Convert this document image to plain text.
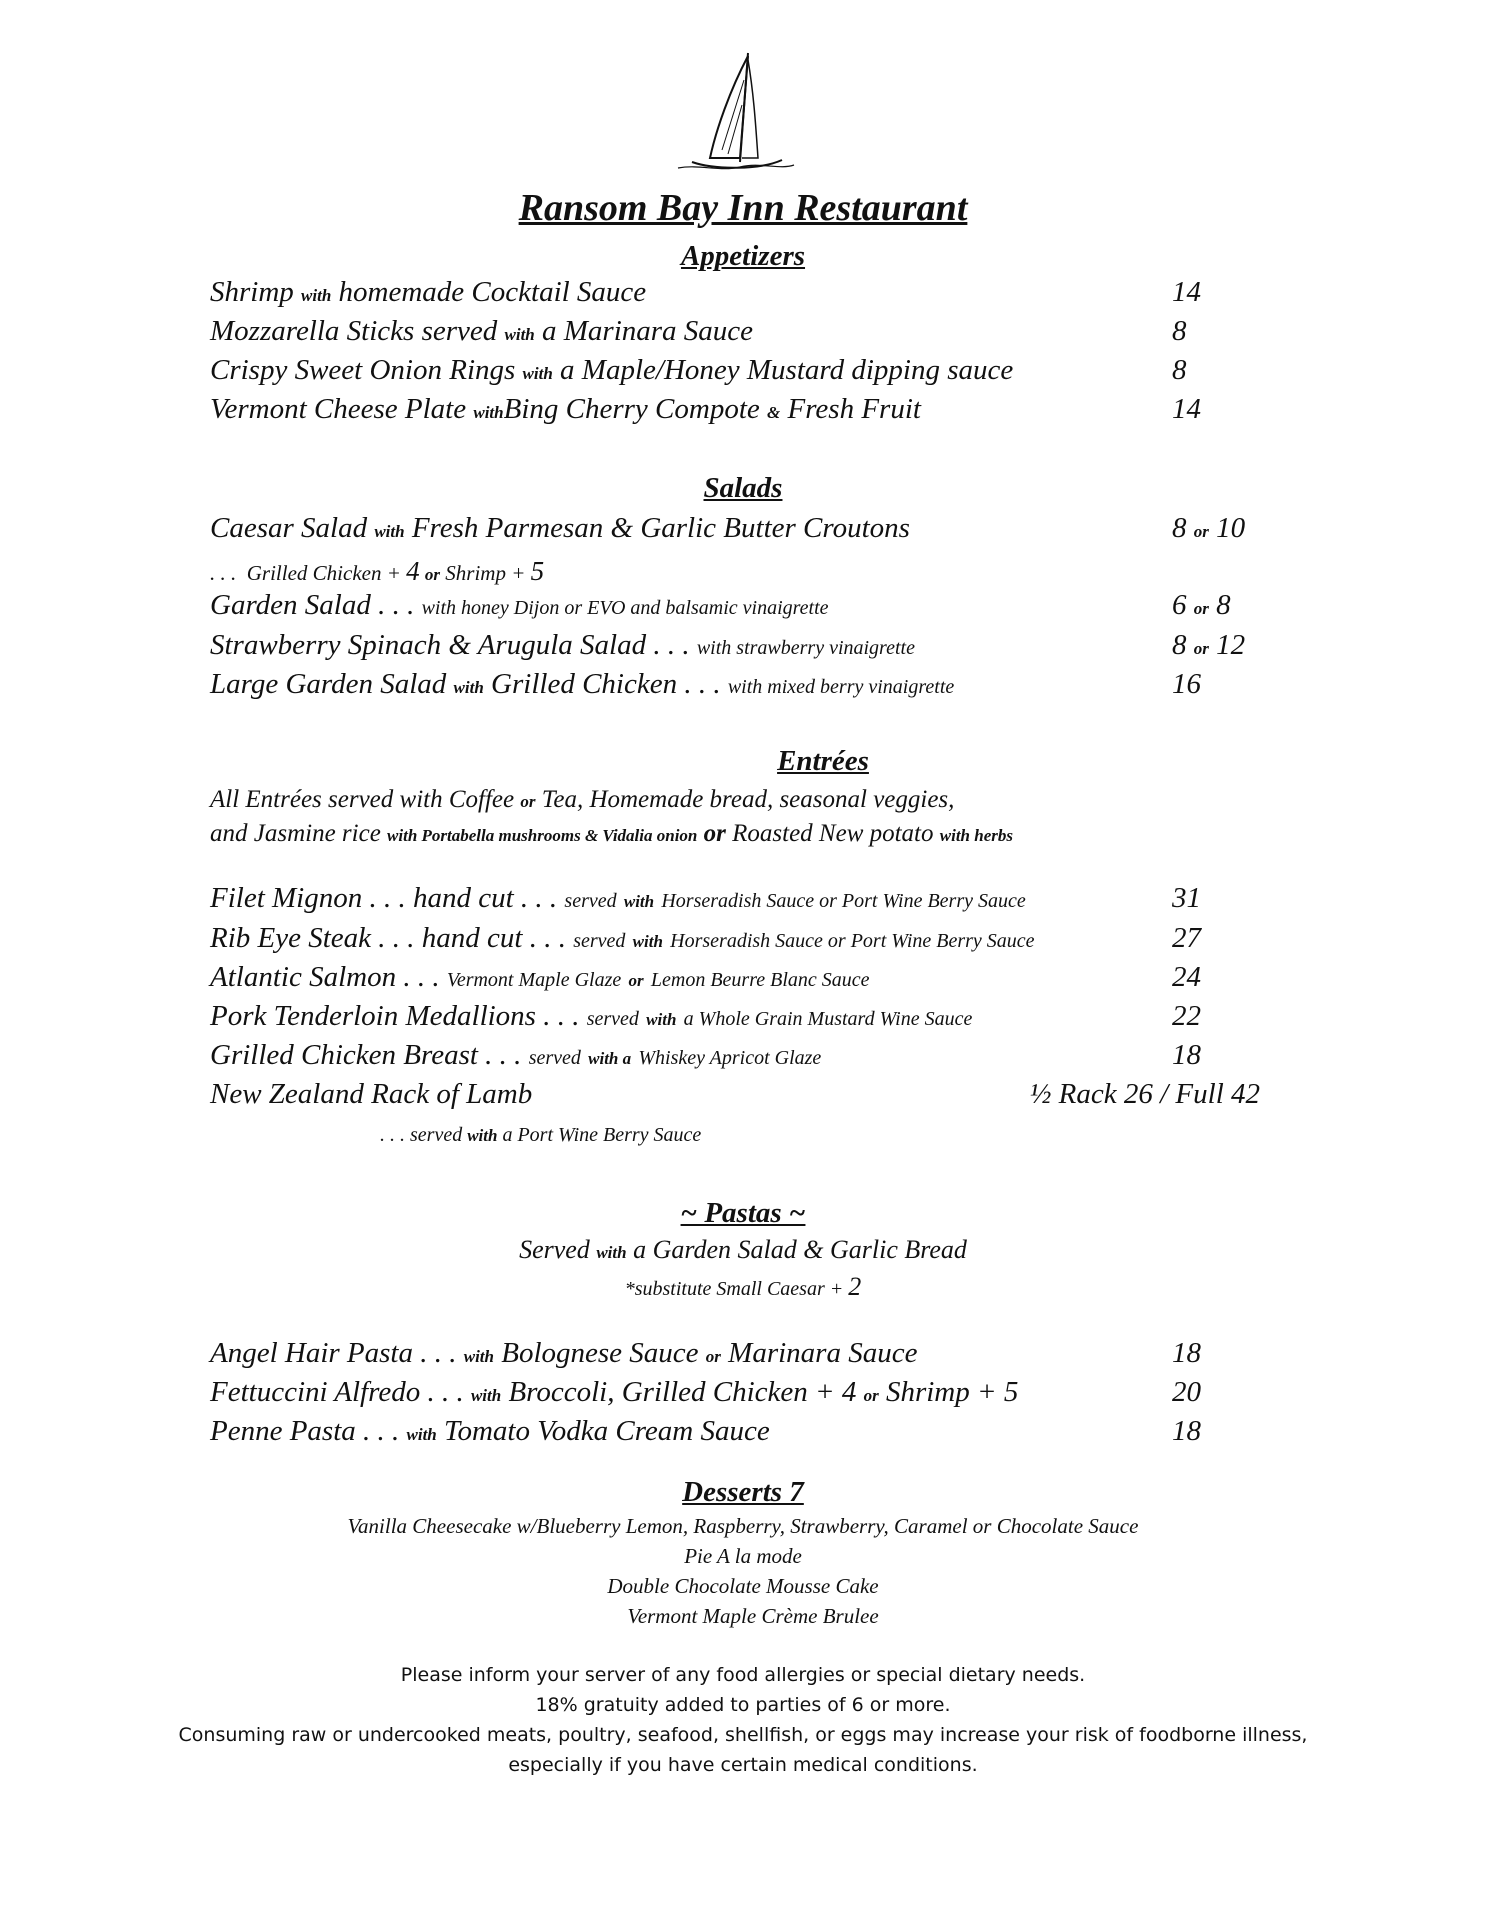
Ransom Bay Inn Restaurant
Appetizers
Shrimp with homemade Cocktail Sauce	14
Mozzarella Sticks served with a Marinara Sauce	8
Crispy Sweet Onion Rings with a Maple/Honey Mustard dipping sauce	8
Vermont Cheese Plate withBing Cherry Compote & Fresh Fruit	14
Salads
Caesar Salad with Fresh Parmesan & Garlic Butter Croutons	8 or 10
. . . Grilled Chicken + 4 or Shrimp + 5
Garden Salad . . . with honey Dijon or EVO and balsamic vinaigrette	6 or 8
Strawberry Spinach & Arugula Salad . . . with strawberry vinaigrette	8 or 12
Large Garden Salad with Grilled Chicken . . . with mixed berry vinaigrette	16
Entrées
All Entrées served with Coffee or Tea, Homemade bread, seasonal veggies,
and Jasmine rice with Portabella mushrooms & Vidalia onion or Roasted New potato with herbs
Filet Mignon . . . hand cut . . . served with Horseradish Sauce or Port Wine Berry Sauce	31
Rib Eye Steak . . . hand cut . . . served with Horseradish Sauce or Port Wine Berry Sauce	27
Atlantic Salmon . . . Vermont Maple Glaze or Lemon Beurre Blanc Sauce	24
Pork Tenderloin Medallions . . . served with a Whole Grain Mustard Wine Sauce	22
Grilled Chicken Breast . . . served with a Whiskey Apricot Glaze	18
New Zealand Rack of Lamb	½ Rack 26 / Full 42
. . . served with a Port Wine Berry Sauce
~ Pastas ~
Served with a Garden Salad & Garlic Bread
*substitute Small Caesar + 2
Angel Hair Pasta . . . with Bolognese Sauce or Marinara Sauce	18
Fettuccini Alfredo . . . with Broccoli, Grilled Chicken + 4 or Shrimp + 5	20
Penne Pasta . . . with Tomato Vodka Cream Sauce	18
Desserts 7
Vanilla Cheesecake w/Blueberry Lemon, Raspberry, Strawberry, Caramel or Chocolate Sauce
Pie A la mode
Double Chocolate Mousse Cake
Vermont Maple Crème Brulee
Please inform your server of any food allergies or special dietary needs.
18% gratuity added to parties of 6 or more.
Consuming raw or undercooked meats, poultry, seafood, shellfish, or eggs may increase your risk of foodborne illness,
especially if you have certain medical conditions.
